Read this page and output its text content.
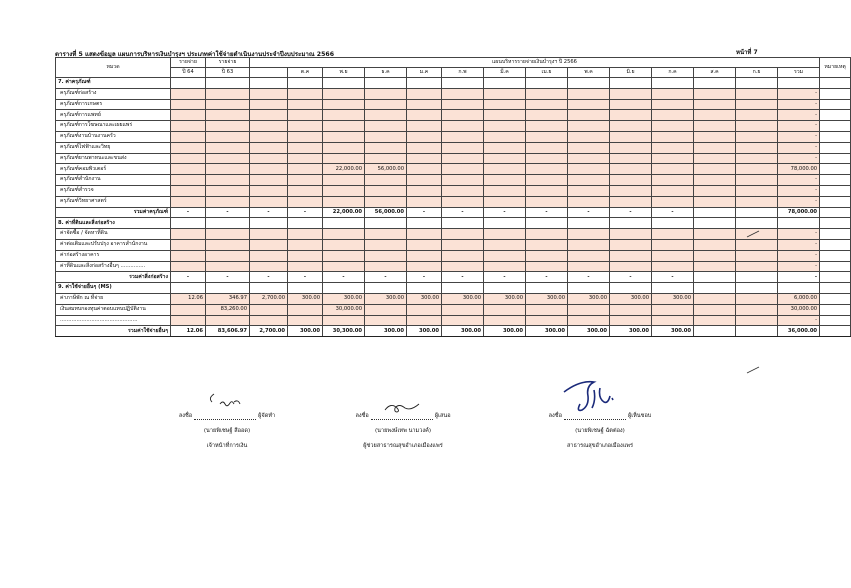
ตารางที่ 5 แสดงข้อมูล แผนการบริหารเงินบำรุงฯ ประเภทค่าใช้จ่ายดำเนินงานประจำปีงบประมาณ 2566	หน้าที่ 7
หมวด	รายจ่าย	รายจ่าย	แผนบริหารรายจ่ายเงินบำรุงฯ ปี 2566														หมายเหตุ
	ปี 64	ปี 63		ต.ค	พ.ย	ธ.ค	ม.ค	ก.พ	มี.ค	เม.ย	พ.ค	มิ.ย	ก.ค	ส.ค	ก.ย	รวม	
7. ค่าครุภัณฑ์																	
ครุภัณฑ์ก่อสร้าง																-	
ครุภัณฑ์การเกษตร																-	
ครุภัณฑ์การแพทย์																-	
ครุภัณฑ์การโฆษณาและเผยแพร่																-	
ครุภัณฑ์งานบ้านงานครัว																-	
ครุภัณฑ์ไฟฟ้าและวิทยุ																-	
ครุภัณฑ์ยานพาหนะและขนส่ง																-	
ครุภัณฑ์คอมพิวเตอร์					22,000.00	56,000.00										78,000.00	
ครุภัณฑ์สำนักงาน																-	
ครุภัณฑ์สำรวจ																-	
ครุภัณฑ์วิทยาศาสตร์																-	
รวมค่าครุภัณฑ์	-	-	-	-	22,000.00	56,000.00	-	-	-	-	-	-	-			78,000.00	
8. ค่าที่ดินและสิ่งก่อสร้าง																	
ค่าจัดซื้อ / จัดหาที่ดิน																-	
ค่าต่อเติมและปรับปรุง อาคารสำนักงาน																-	
ค่าก่อสร้างอาคาร																-	
ค่าที่ดินและสิ่งก่อสร้างอื่นๆ ...............																-	
รวมค่าสิ่งก่อสร้าง	-	-	-	-	-	-	-	-	-	-	-	-	-			-	
9. ค่าใช้จ่ายอื่นๆ (MS)																	
ค่าภาษีพัก ณ ที่จ่าย	12.06	346.97	2,700.00	300.00	300.00	300.00	300.00	300.00	300.00	300.00	300.00	300.00	300.00			6,000.00	
เงินสมทบกองทุนค่าตอบแทนปฏิบัติงาน		83,260.00			30,000.00											30,000.00	
...............................................																-	
รวมค่าใช้จ่ายอื่นๆ	12.06	83,606.97	2,700.00	300.00	30,300.00	300.00	300.00	300.00	300.00	300.00	300.00	300.00	300.00			36,000.00	
ลงชื่อ	ผู้จัดทำ
(นายพิเชษฐ์ สีออด)
เจ้าหน้าที่การเงิน
ลงชื่อ	ผู้เสนอ
(นายพงษ์เทพ นามวงค์)
ผู้ช่วยสาธารณสุขอำเภอเมืองแพร่
ลงชื่อ	ผู้เห็นชอบ
(นายพิเชษฐ์ ฉัตต่อง)
สาธารณสุขอำเภอเมืองแพร่
